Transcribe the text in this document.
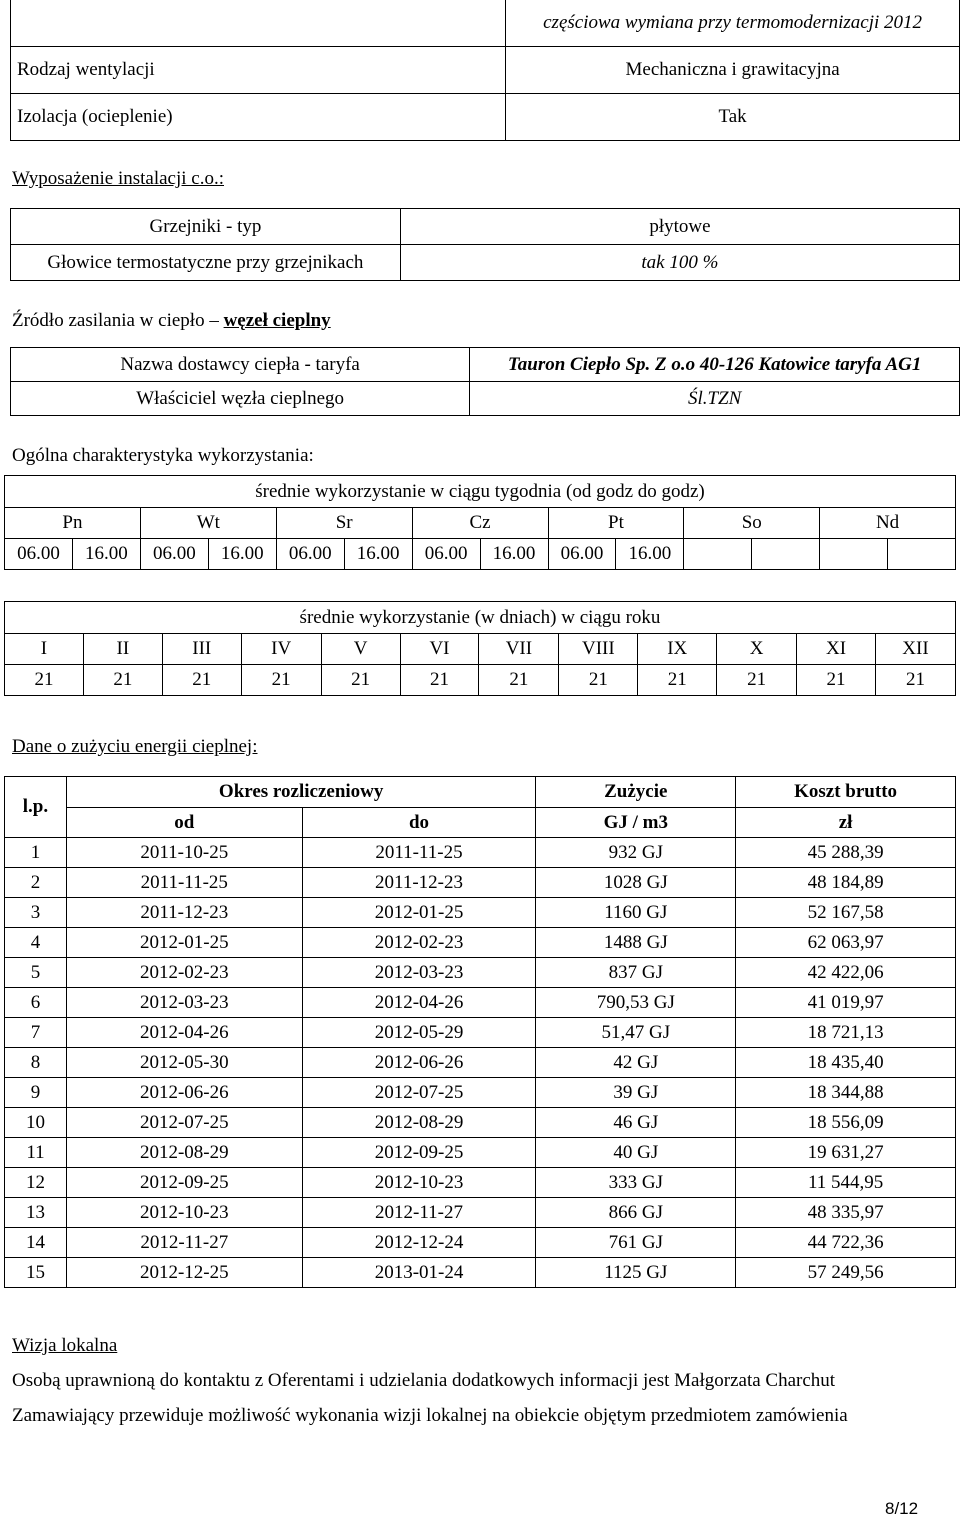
	częściowa wymiana przy termomodernizacji 2012
Rodzaj wentylacji	Mechaniczna i grawitacyjna
Izolacja (ocieplenie)	Tak
Wyposażenie instalacji c.o.:
Grzejniki - typ	płytowe
Głowice termostatyczne przy grzejnikach	tak 100 %
Źródło zasilania w ciepło – węzeł cieplny
Nazwa dostawcy ciepła - taryfa	Tauron Ciepło Sp. Z o.o 40-126 Katowice taryfa AG1
Właściciel węzła cieplnego	Śl.TZN
Ogólna charakterystyka wykorzystania:
średnie wykorzystanie w ciągu tygodnia (od godz do godz)													
Pn		Wt		Sr		Cz		Pt		So		Nd	
06.00	16.00	06.00	16.00	06.00	16.00	06.00	16.00	06.00	16.00				
średnie wykorzystanie (w dniach) w ciągu roku											
I	II	III	IV	V	VI	VII	VIII	IX	X	XI	XII
21	21	21	21	21	21	21	21	21	21	21	21
Dane o zużyciu energii cieplnej:
l.p.	Okres rozliczeniowy		Zużycie	Koszt brutto
	od	do	GJ / m3	zł
1	2011-10-25	2011-11-25	932 GJ	45 288,39
2	2011-11-25	2011-12-23	1028 GJ	48 184,89
3	2011-12-23	2012-01-25	1160 GJ	52 167,58
4	2012-01-25	2012-02-23	1488 GJ	62 063,97
5	2012-02-23	2012-03-23	837 GJ	42 422,06
6	2012-03-23	2012-04-26	790,53 GJ	41 019,97
7	2012-04-26	2012-05-29	51,47 GJ	18 721,13
8	2012-05-30	2012-06-26	42 GJ	18 435,40
9	2012-06-26	2012-07-25	39 GJ	18 344,88
10	2012-07-25	2012-08-29	46 GJ	18 556,09
11	2012-08-29	2012-09-25	40 GJ	19 631,27
12	2012-09-25	2012-10-23	333 GJ	11 544,95
13	2012-10-23	2012-11-27	866 GJ	48 335,97
14	2012-11-27	2012-12-24	761 GJ	44 722,36
15	2012-12-25	2013-01-24	1125 GJ	57 249,56
Wizja lokalna
Osobą uprawnioną do kontaktu z Oferentami i udzielania dodatkowych informacji jest Małgorzata Charchut
Zamawiający przewiduje możliwość wykonania wizji lokalnej na obiekcie objętym przedmiotem zamówienia
8/12
